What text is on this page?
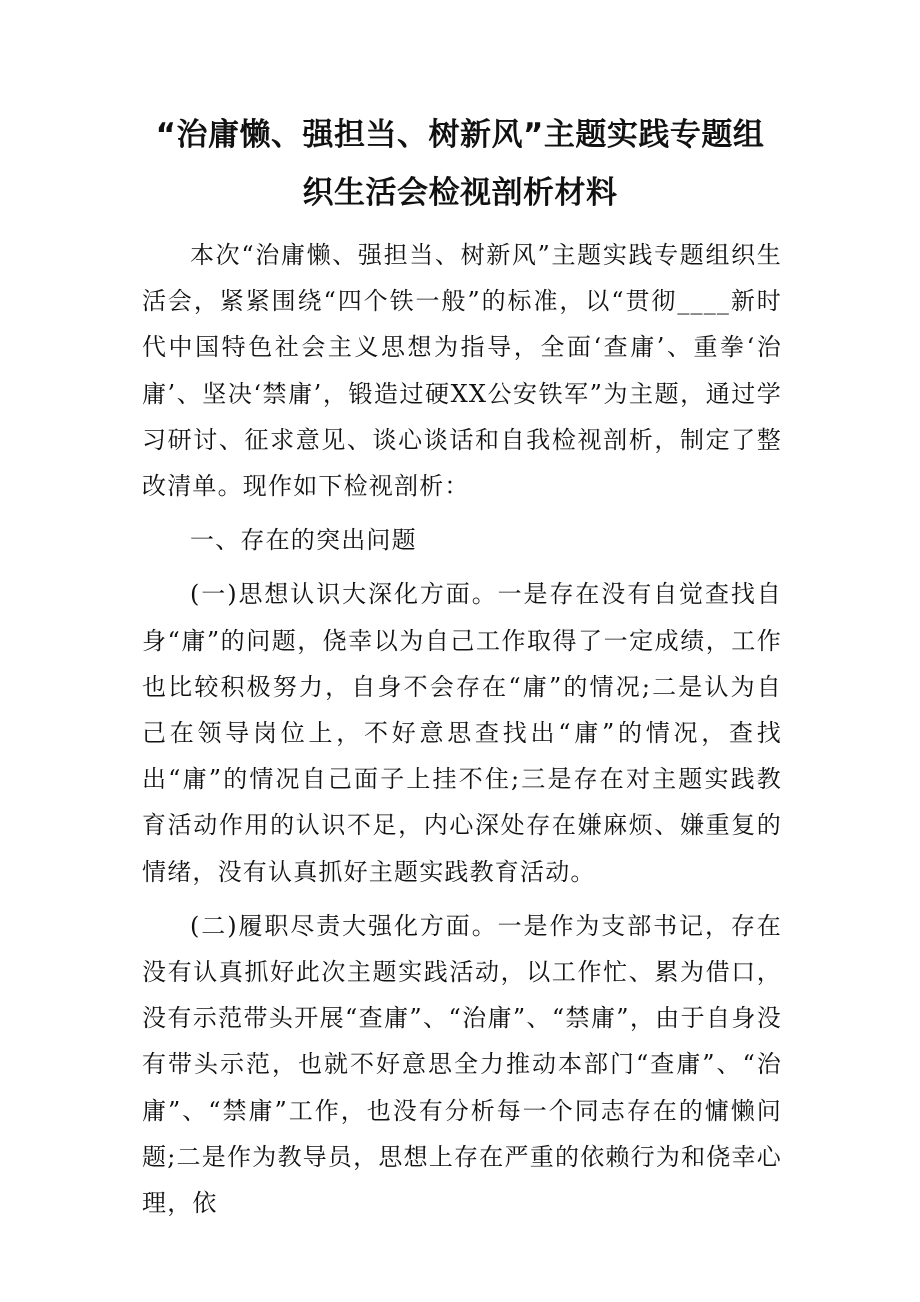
“治庸懒、强担当、树新风”主题实践专题组
织生活会检视剖析材料

本次“治庸懒、强担当、树新风”主题实践专题组织生活会，紧紧围绕“四个铁一般”的标准，以“贯彻____新时代中国特色社会主义思想为指导，全面‘查庸’、重拳‘治庸’、坚决‘禁庸’，锻造过硬XX公安铁军”为主题，通过学习研讨、征求意见、谈心谈话和自我检视剖析，制定了整改清单。现作如下检视剖析：

一、存在的突出问题

(一)思想认识大深化方面。一是存在没有自觉查找自身“庸”的问题，侥幸以为自己工作取得了一定成绩，工作也比较积极努力，自身不会存在“庸”的情况;二是认为自己在领导岗位上，不好意思查找出“庸”的情况，查找出“庸”的情况自己面子上挂不住;三是存在对主题实践教育活动作用的认识不足，内心深处存在嫌麻烦、嫌重复的情绪，没有认真抓好主题实践教育活动。

(二)履职尽责大强化方面。一是作为支部书记，存在没有认真抓好此次主题实践活动，以工作忙、累为借口，没有示范带头开展“查庸”、“治庸”、“禁庸”，由于自身没有带头示范，也就不好意思全力推动本部门“查庸”、“治庸”、“禁庸”工作，也没有分析每一个同志存在的慵懒问题;二是作为教导员，思想上存在严重的依赖行为和侥幸心理，依
